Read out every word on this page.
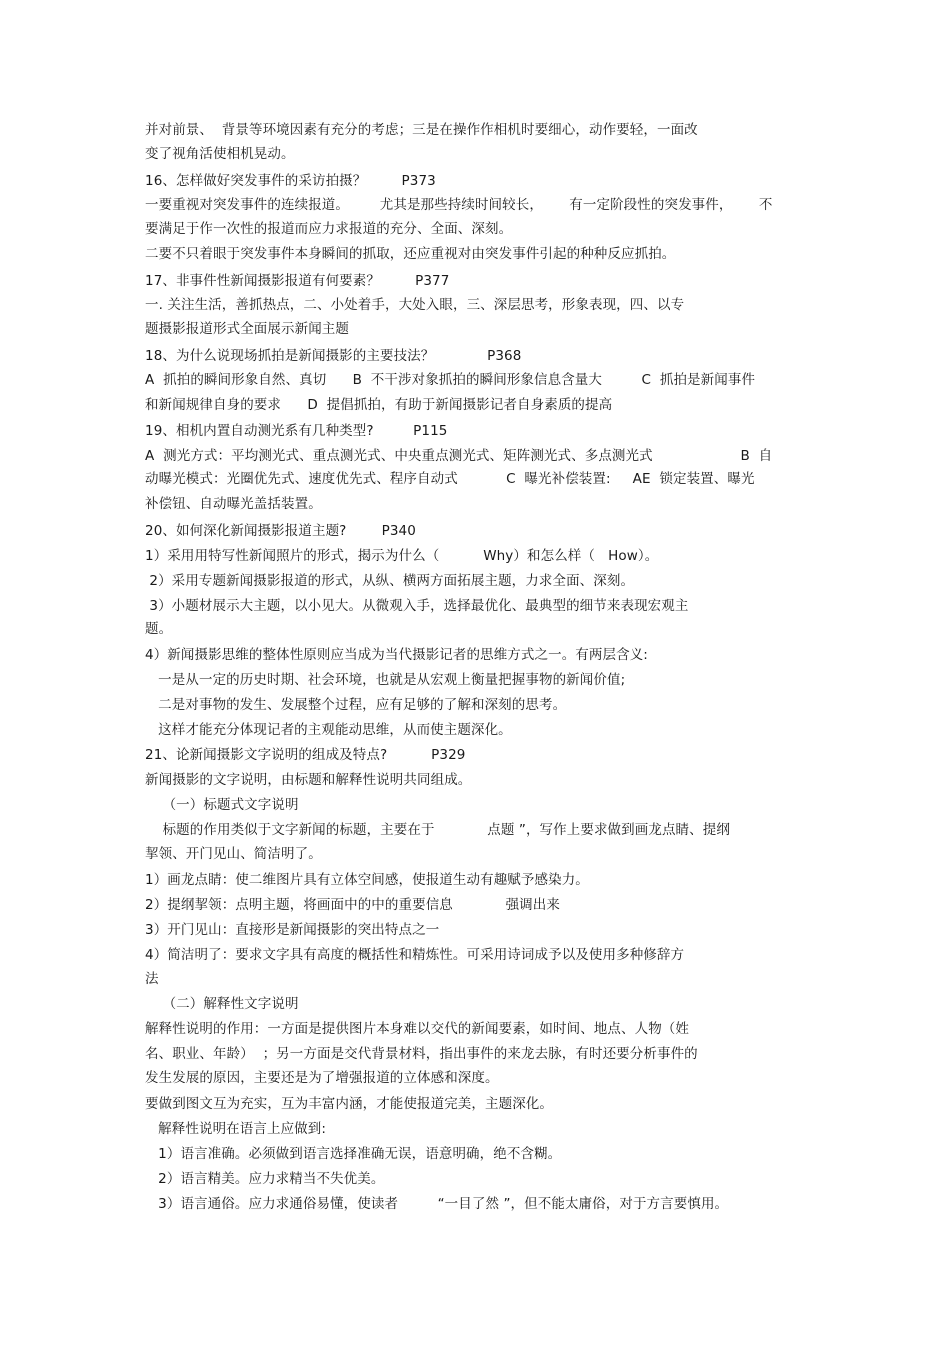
并对前景、  背景等环境因素有充分的考虑；三是在操作作相机时要细心，动作要轻，一面改

变了视角活使相机晃动。

16、怎样做好突发事件的采访拍摄？        P373

一要重视对突发事件的连续报道。       尤其是那些持续时间较长，      有一定阶段性的突发事件，      不

要满足于作一次性的报道而应力求报道的充分、全面、深刻。

二要不只着眼于突发事件本身瞬间的抓取，还应重视对由突发事件引起的种种反应抓拍。

17、非事件性新闻摄影报道有何要素？        P377

一. 关注生活，善抓热点，二、小处着手，大处入眼，三、深层思考，形象表现，四、以专

题摄影报道形式全面展示新闻主题

18、为什么说现场抓拍是新闻摄影的主要技法？            P368

A  抓拍的瞬间形象自然、真切      B  不干涉对象抓拍的瞬间形象信息含量大         C  抓拍是新闻事件

和新闻规律自身的要求      D  提倡抓拍，有助于新闻摄影记者自身素质的提高

19、相机内置自动测光系有几种类型?         P115

A  测光方式：平均测光式、重点测光式、中央重点测光式、矩阵测光式、多点测光式                    B  自

动曝光模式：光圈优先式、速度优先式、程序自动式           C  曝光补偿装置:     AE  锁定装置、曝光

补偿钮、自动曝光盖括装置。

20、如何深化新闻摄影报道主题?        P340

1）采用用特写性新闻照片的形式，揭示为什么（          Why）和怎么样（   How）。

2）采用专题新闻摄影报道的形式，从纵、横两方面拓展主题，力求全面、深刻。

3）小题材展示大主题，以小见大。从微观入手，选择最优化、最典型的细节来表现宏观主

题。

4）新闻摄影思维的整体性原则应当成为当代摄影记者的思维方式之一。有两层含义:

一是从一定的历史时期、社会环境，也就是从宏观上衡量把握事物的新闻价值;

二是对事物的发生、发展整个过程，应有足够的了解和深刻的思考。

这样才能充分体现记者的主观能动思维，从而使主题深化。

21、论新闻摄影文字说明的组成及特点?          P329

新闻摄影的文字说明，由标题和解释性说明共同组成。

（一）标题式文字说明

标题的作用类似于文字新闻的标题，主要在于            点题 ”，写作上要求做到画龙点睛、提纲

挈领、开门见山、简洁明了。

1）画龙点睛：使二维图片具有立体空间感，使报道生动有趣赋予感染力。

2）提纲挈领：点明主题，将画面中的中的重要信息            强调出来

3）开门见山：直接形是新闻摄影的突出特点之一

4）简洁明了：要求文字具有高度的概括性和精炼性。可采用诗词成予以及使用多种修辞方

法

（二）解释性文字说明

解释性说明的作用：一方面是提供图片本身难以交代的新闻要素，如时间、地点、人物（姓

名、职业、年龄）  ；另一方面是交代背景材料，指出事件的来龙去脉，有时还要分析事件的

发生发展的原因，主要还是为了增强报道的立体感和深度。

要做到图文互为充实，互为丰富内涵，才能使报道完美，主题深化。

解释性说明在语言上应做到:

1）语言准确。必须做到语言选择准确无误，语意明确，绝不含糊。

2）语言精美。应力求精当不失优美。

3）语言通俗。应力求通俗易懂，使读者         “一目了然 ”，但不能太庸俗，对于方言要慎用。
